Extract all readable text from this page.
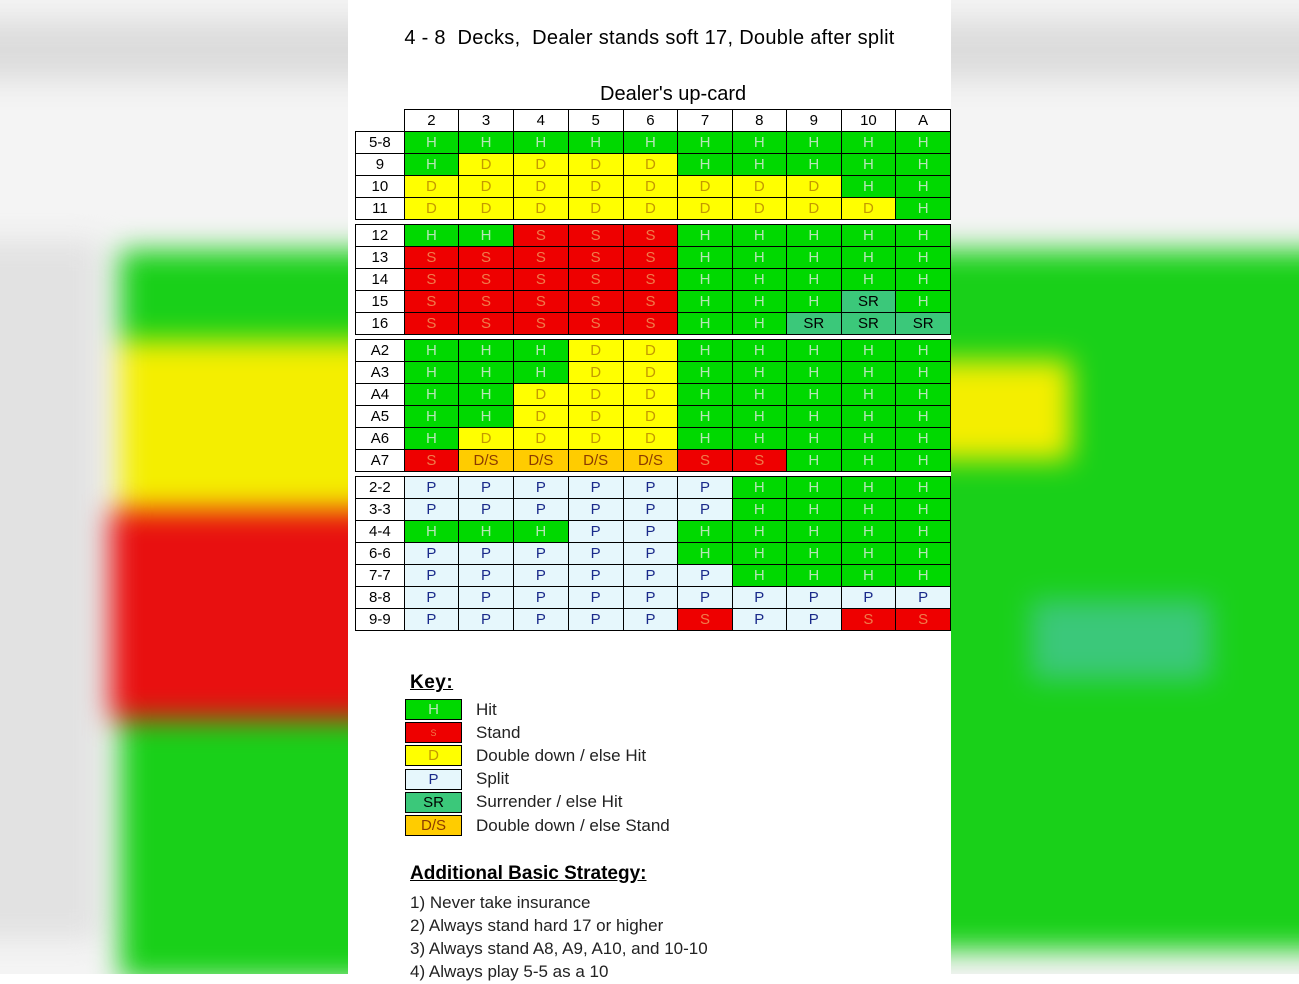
4 - 8  Decks,  Dealer stands soft 17, Double after split
Dealer's up-card
	2	3	4	5	6	7	8	9	10	A
5-8	H	H	H	H	H	H	H	H	H	H
9	H	D	D	D	D	H	H	H	H	H
10	D	D	D	D	D	D	D	D	H	H
11	D	D	D	D	D	D	D	D	D	H

12	H	H	S	S	S	H	H	H	H	H
13	S	S	S	S	S	H	H	H	H	H
14	S	S	S	S	S	H	H	H	H	H
15	S	S	S	S	S	H	H	H	SR	H
16	S	S	S	S	S	H	H	SR	SR	SR

A2	H	H	H	D	D	H	H	H	H	H
A3	H	H	H	D	D	H	H	H	H	H
A4	H	H	D	D	D	H	H	H	H	H
A5	H	H	D	D	D	H	H	H	H	H
A6	H	D	D	D	D	H	H	H	H	H
A7	S	D/S	D/S	D/S	D/S	S	S	H	H	H

2-2	P	P	P	P	P	P	H	H	H	H
3-3	P	P	P	P	P	P	H	H	H	H
4-4	H	H	H	P	P	H	H	H	H	H
6-6	P	P	P	P	P	H	H	H	H	H
7-7	P	P	P	P	P	P	H	H	H	H
8-8	P	P	P	P	P	P	P	P	P	P
9-9	P	P	P	P	P	S	P	P	S	S
Key:
H	Hit
S	Stand
D	Double down / else Hit
P	Split
SR	Surrender / else Hit
D/S	Double down / else Stand
Additional Basic Strategy:
1) Never take insurance
2) Always stand hard 17 or higher
3) Always stand A8, A9, A10, and 10-10
4) Always play 5-5 as a 10
